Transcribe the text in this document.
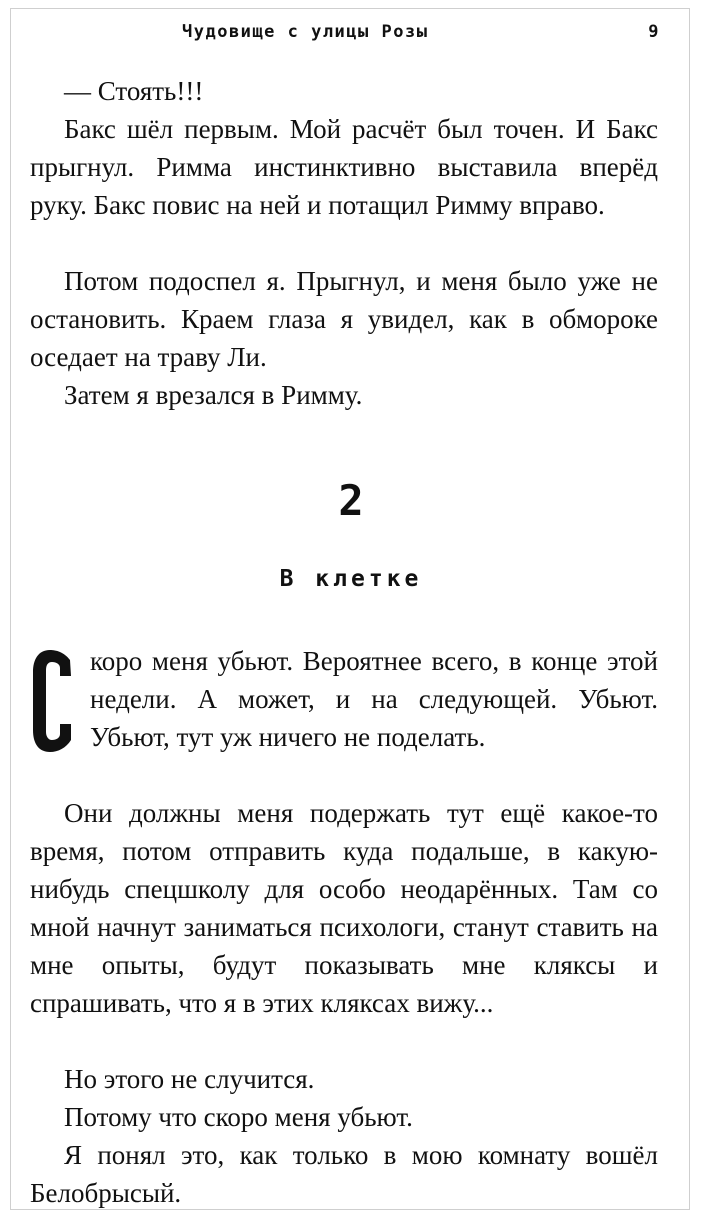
Чудовище с улицы Розы	9

— Стоять!!!

Бакс шёл первым. Мой расчёт был точен. И Бакс прыгнул. Римма инстинктивно выставила вперёд руку. Бакс повис на ней и потащил Римму вправо.

Потом подоспел я. Прыгнул, и меня было уже не остановить. Краем глаза я увидел, как в обмороке оседает на траву Ли.

Затем я врезался в Римму.

2
В клетке
коро меня убьют. Вероятнее всего, в конце этой недели. А может, и на следующей. Убьют. Убьют, тут уж ничего не поделать.

Они должны меня подержать тут ещё какое-то время, потом отправить куда подальше, в какую-нибудь спецшколу для особо неодарённых. Там со мной начнут заниматься психологи, станут ставить на мне опыты, будут показывать мне кляксы и спрашивать, что я в этих кляксах вижу...

Но этого не случится.

Потому что скоро меня убьют.

Я понял это, как только в мою комнату вошёл Белобрысый.
